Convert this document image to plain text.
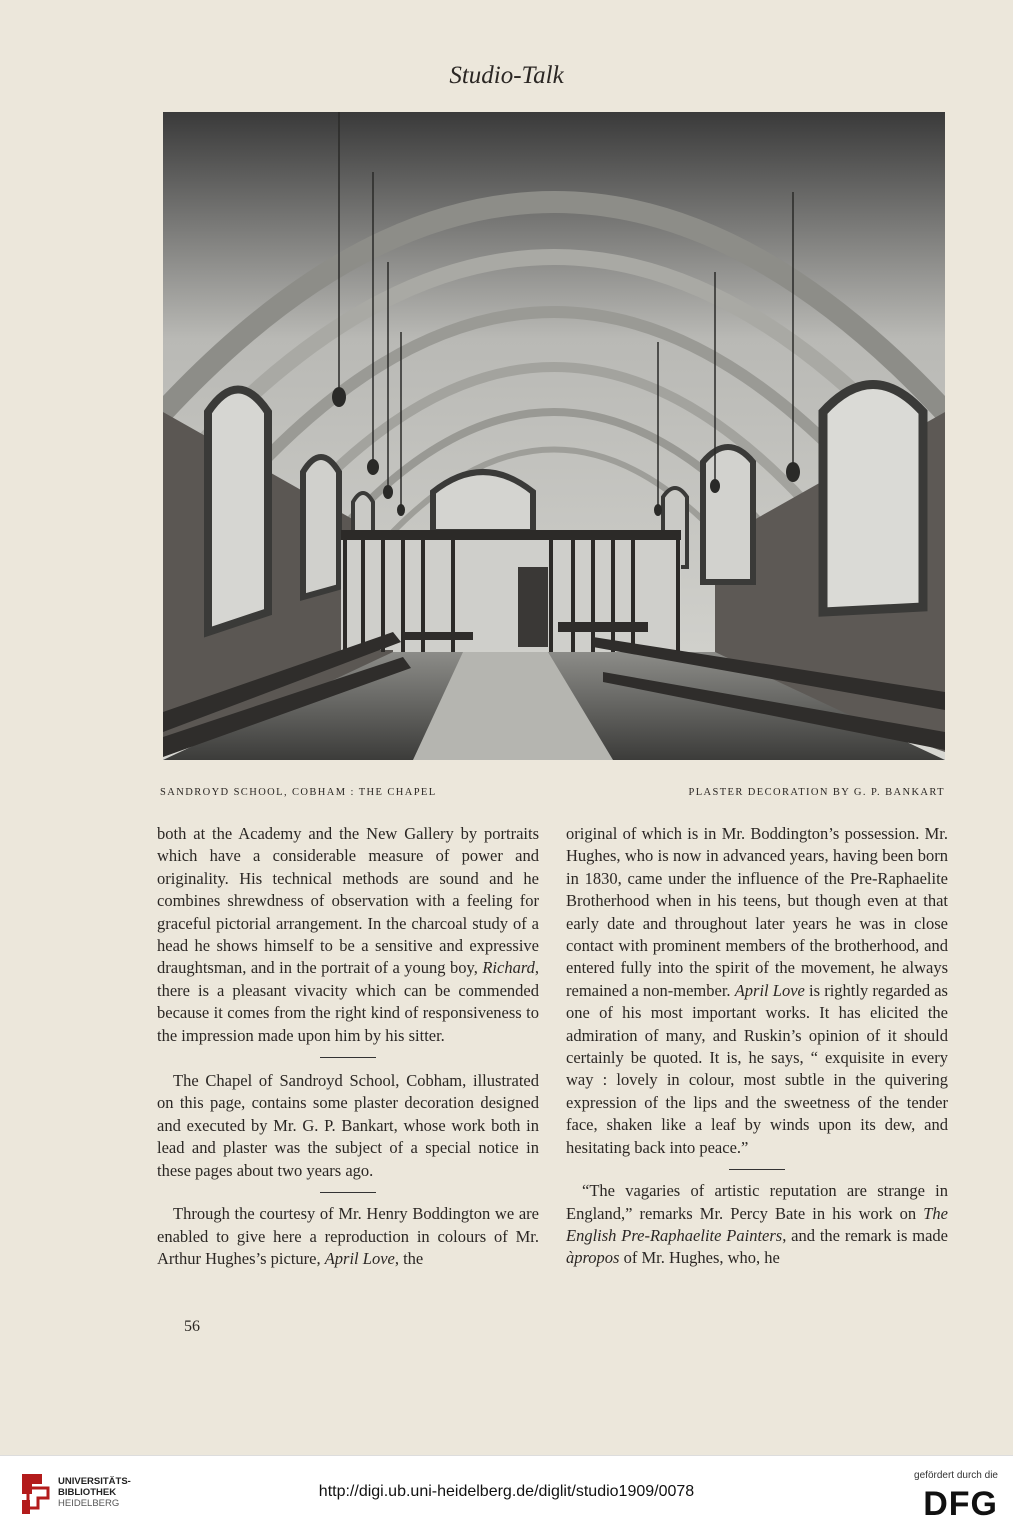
Studio-Talk
SANDROYD SCHOOL, COBHAM : THE CHAPEL	PLASTER DECORATION BY G. P. BANKART

both at the Academy and the New Gallery by portraits which have a considerable measure of power and originality. His technical methods are sound and he combines shrewdness of observation with a feeling for graceful pictorial arrangement. In the charcoal study of a head he shows himself to be a sensitive and expressive draughtsman, and in the portrait of a young boy, Richard, there is a pleasant vivacity which can be commended because it comes from the right kind of responsiveness to the impression made upon him by his sitter.

The Chapel of Sandroyd School, Cobham, illustrated on this page, contains some plaster decoration designed and executed by Mr. G. P. Bankart, whose work both in lead and plaster was the subject of a special notice in these pages about two years ago.

Through the courtesy of Mr. Henry Boddington we are enabled to give here a reproduction in colours of Mr. Arthur Hughes’s picture, April Love, the

original of which is in Mr. Boddington’s possession. Mr. Hughes, who is now in advanced years, having been born in 1830, came under the influence of the Pre-Raphaelite Brotherhood when in his teens, but though even at that early date and throughout later years he was in close contact with prominent members of the brotherhood, and entered fully into the spirit of the movement, he always remained a non-member. April Love is rightly regarded as one of his most important works. It has elicited the admiration of many, and Ruskin’s opinion of it should certainly be quoted. It is, he says, “ exquisite in every way : lovely in colour, most subtle in the quivering expression of the lips and the sweetness of the tender face, shaken like a leaf by winds upon its dew, and hesitating back into peace.”

“The vagaries of artistic reputation are strange in England,” remarks Mr. Percy Bate in his work on The English Pre-Raphaelite Painters, and the remark is made àpropos of Mr. Hughes, who, he

56
UNIVERSITÄTS-
BIBLIOTHEK
HEIDELBERG
http://digi.ub.uni-heidelberg.de/diglit/studio1909/0078
gefördert durch die
DFG
